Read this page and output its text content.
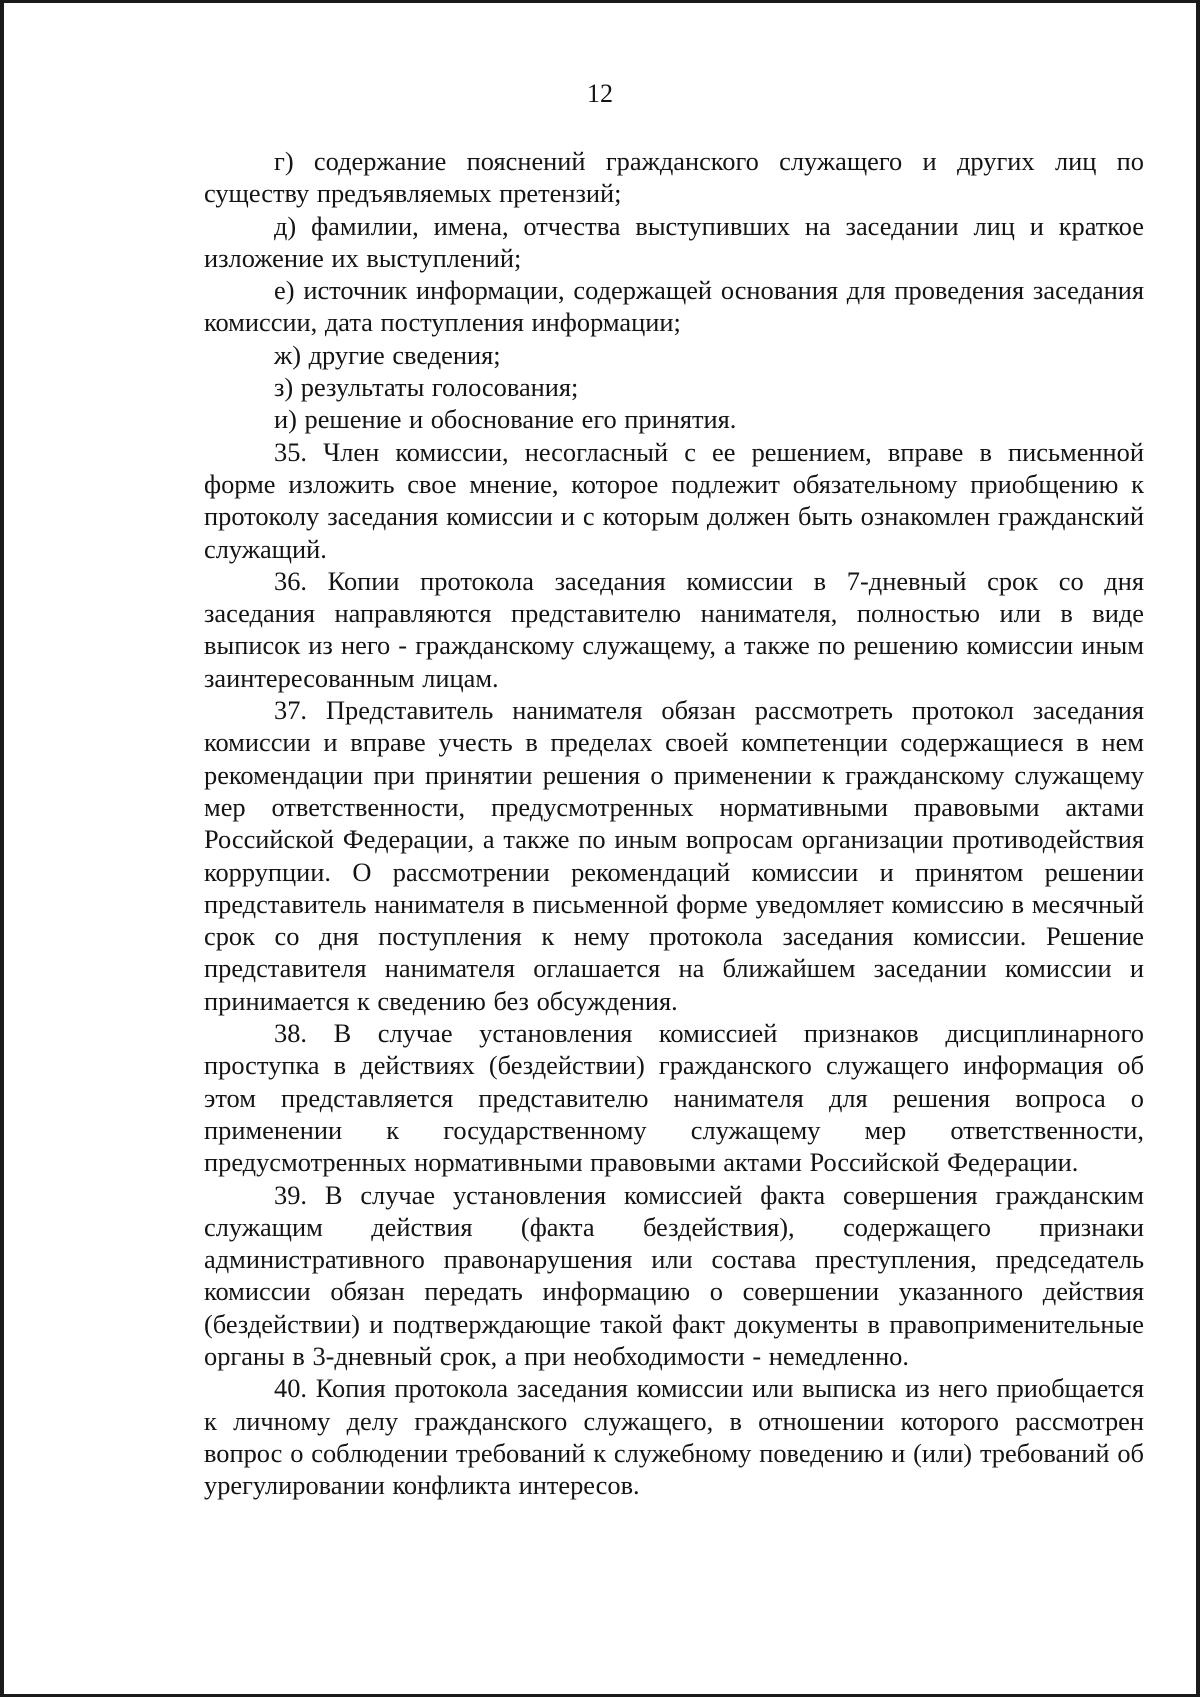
12

г) содержание пояснений гражданского служащего и других лиц по существу предъявляемых претензий;

д) фамилии, имена, отчества выступивших на заседании лиц и краткое изложение их выступлений;

е) источник информации, содержащей основания для проведения заседания комиссии, дата поступления информации;

ж) другие сведения;

з) результаты голосования;

и) решение и обоснование его принятия.

35. Член комиссии, несогласный с ее решением, вправе в письменной форме изложить свое мнение, которое подлежит обязательному приобщению к протоколу заседания комиссии и с которым должен быть ознакомлен гражданский служащий.

36. Копии протокола заседания комиссии в 7-дневный срок со дня заседания направляются представителю нанимателя, полностью или в виде выписок из него - гражданскому служащему, а также по решению комиссии иным заинтересованным лицам.

37. Представитель нанимателя обязан рассмотреть протокол заседания комиссии и вправе учесть в пределах своей компетенции содержащиеся в нем рекомендации при принятии решения о применении к гражданскому служащему мер ответственности, предусмотренных нормативными правовыми актами Российской Федерации, а также по иным вопросам организации противодействия коррупции. О рассмотрении рекомендаций комиссии и принятом решении представитель нанимателя в письменной форме уведомляет комиссию в месячный срок со дня поступления к нему протокола заседания комиссии. Решение представителя нанимателя оглашается на ближайшем заседании комиссии и принимается к сведению без обсуждения.

38. В случае установления комиссией признаков дисциплинарного проступка в действиях (бездействии) гражданского служащего информация об этом представляется представителю нанимателя для решения вопроса о применении к государственному служащему мер ответственности, предусмотренных нормативными правовыми актами Российской Федерации.

39. В случае установления комиссией факта совершения гражданским служащим действия (факта бездействия), содержащего признаки административного правонарушения или состава преступления, председатель комиссии обязан передать информацию о совершении указанного действия (бездействии) и подтверждающие такой факт документы в правоприменительные органы в 3-дневный срок, а при необходимости - немедленно.

40. Копия протокола заседания комиссии или выписка из него приобщается к личному делу гражданского служащего, в отношении которого рассмотрен вопрос о соблюдении требований к служебному поведению и (или) требований об урегулировании конфликта интересов.
